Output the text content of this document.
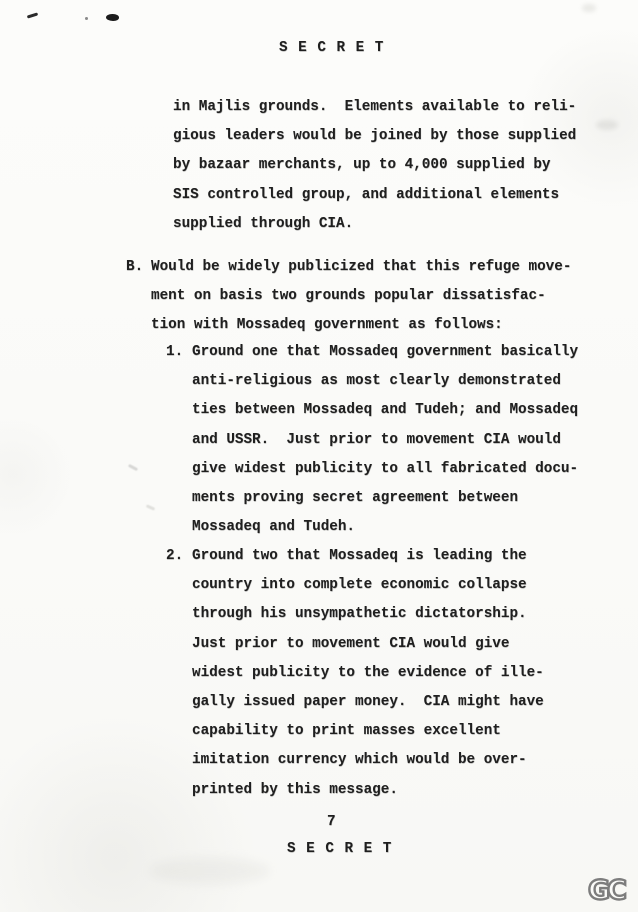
S E C R E T
in Majlis grounds.  Elements available to reli-
gious leaders would be joined by those supplied
by bazaar merchants, up to 4,000 supplied by
SIS controlled group, and additional elements
supplied through CIA.
B. Would be widely publicized that this refuge move-
ment on basis two grounds popular dissatisfac-
tion with Mossadeq government as follows:
1. Ground one that Mossadeq government basically
anti-religious as most clearly demonstrated
ties between Mossadeq and Tudeh; and Mossadeq
and USSR.  Just prior to movement CIA would
give widest publicity to all fabricated docu-
ments proving secret agreement between
Mossadeq and Tudeh.
2. Ground two that Mossadeq is leading the
country into complete economic collapse
through his unsympathetic dictatorship.
Just prior to movement CIA would give
widest publicity to the evidence of ille-
gally issued paper money.  CIA might have
capability to print masses excellent
imitation currency which would be over-
printed by this message.
7
S E C R E T
GC
